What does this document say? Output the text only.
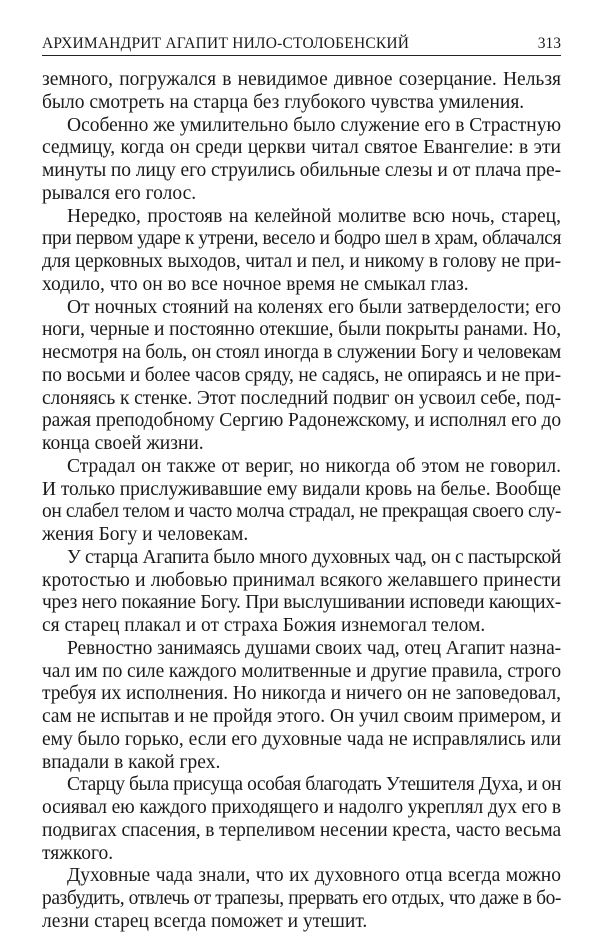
АРХИМАНДРИТ АГАПИТ НИЛО-СТОЛОБЕНСКИЙ	313
земного, погружался в невидимое дивное созерцание. Нельзя
было смотреть на старца без глубокого чувства умиления.
Особенно же умилительно было служение его в Страстную
седмицу, когда он среди церкви читал святое Евангелие: в эти
минуты по лицу его струились обильные слезы и от плача пре-
рывался его голос.
Нередко, простояв на келейной молитве всю ночь, старец,
при первом ударе к утрени, весело и бодро шел в храм, облачался
для церковных выходов, читал и пел, и никому в голову не при-
ходило, что он во все ночное время не смыкал глаз.
От ночных стояний на коленях его были затверделости; его
ноги, черные и постоянно отекшие, были покрыты ранами. Но,
несмотря на боль, он стоял иногда в служении Богу и человекам
по восьми и более часов сряду, не садясь, не опираясь и не при-
слоняясь к стенке. Этот последний подвиг он усвоил себе, под-
ражая преподобному Сергию Радонежскому, и исполнял его до
конца своей жизни.
Страдал он также от вериг, но никогда об этом не говорил.
И только прислуживавшие ему видали кровь на белье. Вообще
он слабел телом и часто молча страдал, не прекращая своего слу-
жения Богу и человекам.
У старца Агапита было много духовных чад, он с пастырской
кротостью и любовью принимал всякого желавшего принести
чрез него покаяние Богу. При выслушивании исповеди кающих-
ся старец плакал и от страха Божия изнемогал телом.
Ревностно занимаясь душами своих чад, отец Агапит назна-
чал им по силе каждого молитвенные и другие правила, строго
требуя их исполнения. Но никогда и ничего он не заповедовал,
сам не испытав и не пройдя этого. Он учил своим примером, и
ему было горько, если его духовные чада не исправлялись или
впадали в какой грех.
Старцу была присуща особая благодать Утешителя Духа, и он
осиявал ею каждого приходящего и надолго укреплял дух его в
подвигах спасения, в терпеливом несении креста, часто весьма
тяжкого.
Духовные чада знали, что их духовного отца всегда можно
разбудить, отвлечь от трапезы, прервать его отдых, что даже в бо-
лезни старец всегда поможет и утешит.
